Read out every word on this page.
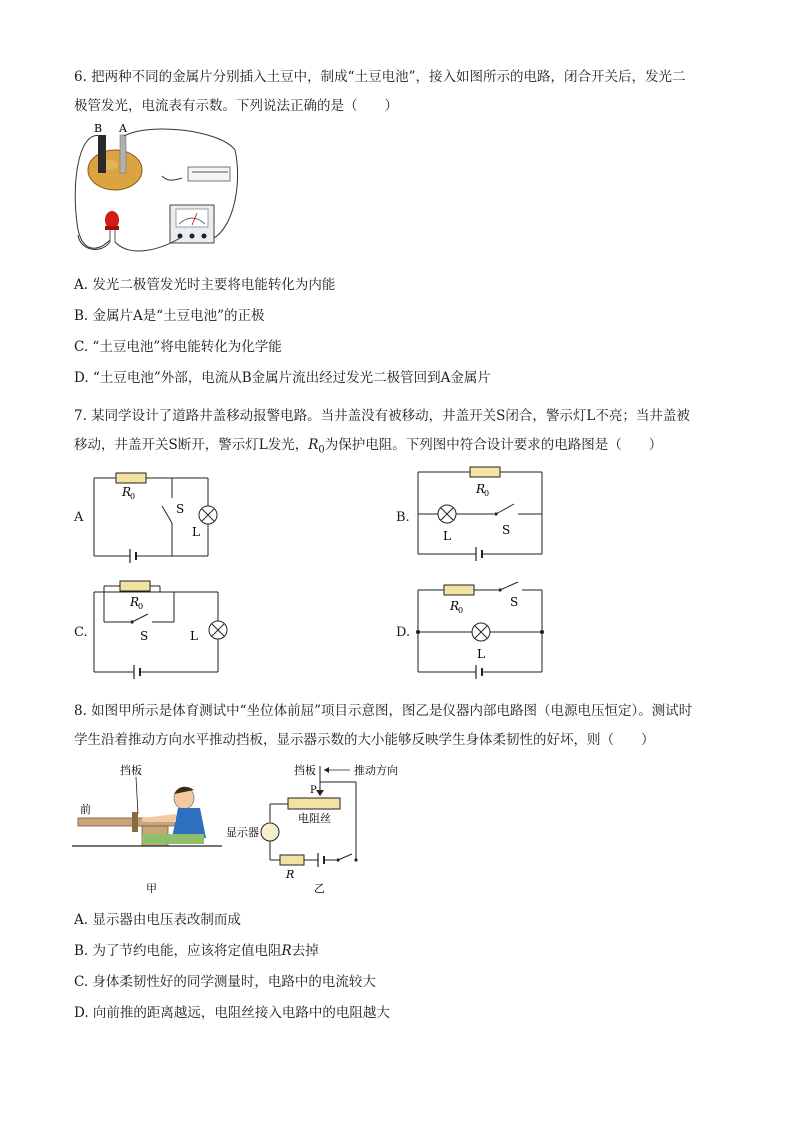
6. 把两种不同的金属片分别插入土豆中，制成“土豆电池”，接入如图所示的电路，闭合开关后，发光二
极管发光，电流表有示数。下列说法正确的是（　　）
B A
A. 发光二极管发光时主要将电能转化为内能
B. 金属片A是“土豆电池”的正极
C. “土豆电池”将电能转化为化学能
D. “土豆电池”外部，电流从B金属片流出经过发光二极管回到A金属片
7. 某同学设计了道路井盖移动报警电路。当井盖没有被移动，井盖开关S闭合，警示灯L不亮；当井盖被
移动，井盖开关S断开，警示灯L发光，$R_0$为保护电阻。下列图中符合设计要求的电路图是（　　）
A
R
0
S
L
B.
R
0
S
L
C.
R
0
S	L	D.
R
0
S
L
8. 如图甲所示是体育测试中“坐位体前屈”项目示意图，图乙是仪器内部电路图（电源电压恒定）。测试时
学生沿着推动方向水平推动挡板，显示器示数的大小能够反映学生身体柔韧性的好坏，则（　　）
挡板
前
甲
挡板	推动方向
P
电阻丝
显示器
R
乙
A. 显示器由电压表改制而成
B. 为了节约电能，应该将定值电阻R去掉
C. 身体柔韧性好的同学测量时，电路中的电流较大
D. 向前推的距离越远，电阻丝接入电路中的电阻越大
